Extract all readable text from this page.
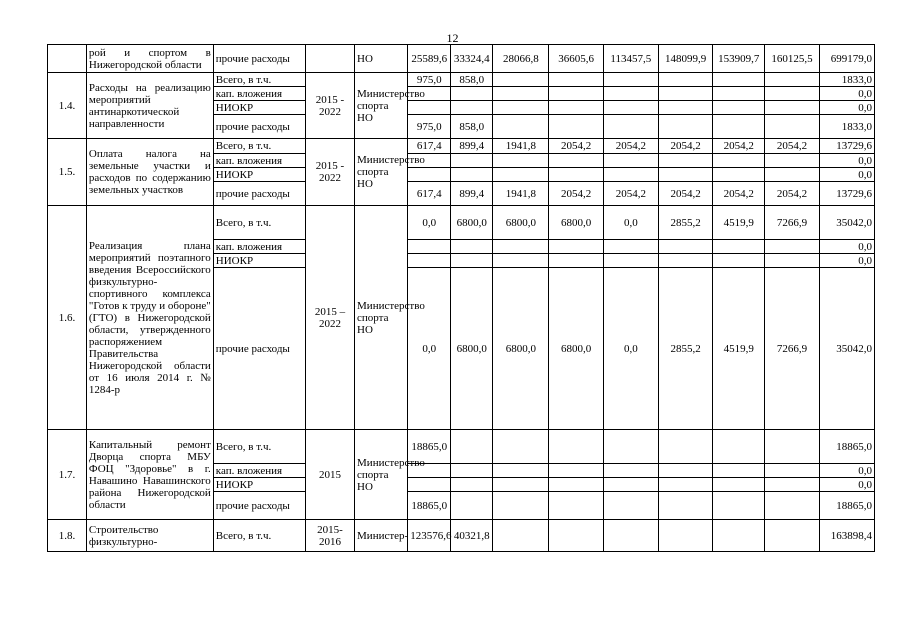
12
	рой и спортом в Нижегородской области	прочие расходы		НО	25589,6	33324,4	28066,8	36605,6	113457,5	148099,9	153909,7	160125,5	699179,0
1.4.	Расходы на реализацию мероприятий антинаркотической направленности	Всего, в т.ч.	2015 - 2022	Министерство спорта НО	975,0	858,0							1833,0
		кап. вложения											0,0
		НИОКР											0,0
		прочие расходы			975,0	858,0							1833,0
1.5.	Оплата налога на земельные участки и расходов по содержанию земельных участков	Всего, в т.ч.	2015 - 2022	Министерство спорта НО	617,4	899,4	1941,8	2054,2	2054,2	2054,2	2054,2	2054,2	13729,6
		кап. вложения											0,0
		НИОКР											0,0
		прочие расходы			617,4	899,4	1941,8	2054,2	2054,2	2054,2	2054,2	2054,2	13729,6
1.6.	Реализация плана мероприятий поэтапного введения Всероссийского физкультурно-спортивного комплекса "Готов к труду и обороне" (ГТО) в Нижегородской области, утвержденного распоряжением Правительства Нижегородской области от 16 июля 2014 г. № 1284-р	Всего, в т.ч.	2015 – 2022	Министерство спорта НО	0,0	6800,0	6800,0	6800,0	0,0	2855,2	4519,9	7266,9	35042,0
		кап. вложения											0,0
		НИОКР											0,0
		прочие расходы			0,0	6800,0	6800,0	6800,0	0,0	2855,2	4519,9	7266,9	35042,0
1.7.	Капитальный ремонт Дворца спорта МБУ ФОЦ "Здоровье" в г. Навашино Навашинского района Нижегородской области	Всего, в т.ч.	2015	Министерство спорта НО	18865,0								18865,0
		кап. вложения											0,0
		НИОКР											0,0
		прочие расходы			18865,0								18865,0
1.8.	Строительство физкультурно-	Всего, в т.ч.	2015-2016	Министер-	123576,6	40321,8							163898,4
